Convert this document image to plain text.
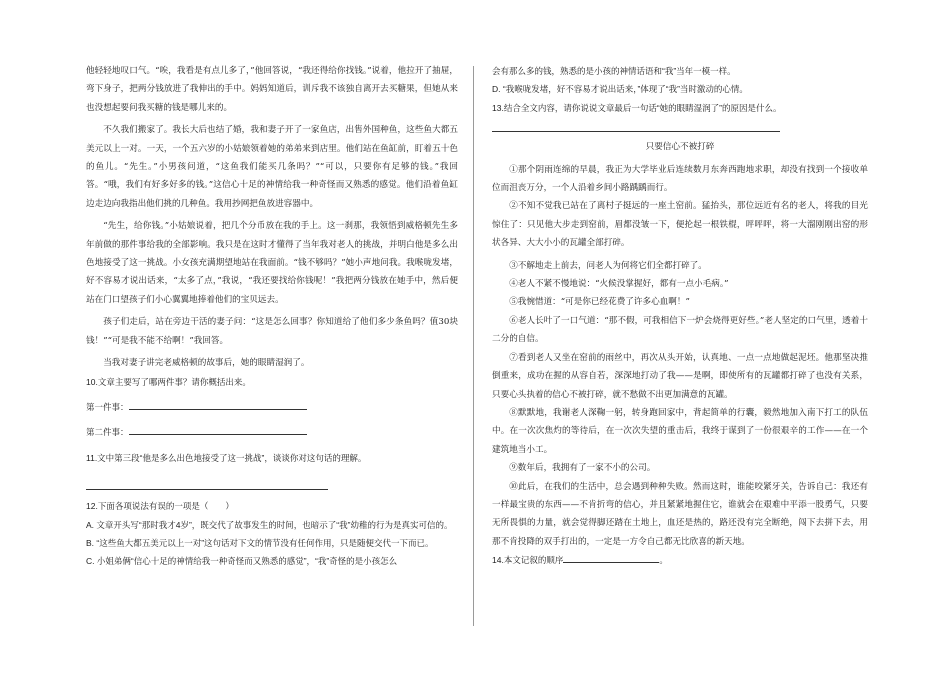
他轻轻地叹口气。“唉，我看是有点儿多了，”他回答说，“我还得给你找钱。”说着，他拉开了抽屉，弯下身子，把两分钱放进了我伸出的手中。妈妈知道后，训斥我不该独自离开去买糖果，但她从来也没想起要问我买糖的钱是哪儿来的。

不久我们搬家了。我长大后也结了婚，我和妻子开了一家鱼店，出售外国种鱼，这些鱼大都五美元以上一对。一天，一个五六岁的小姑娘领着她的弟弟来到店里。他们站在鱼缸前，盯着五十色的鱼儿。“先生。”小男孩问道，“这鱼我们能买几条吗？”“可以，只要你有足够的钱。”我回答。“哦，我们有好多好多的钱。”这信心十足的神情给我一种奇怪而又熟悉的感觉。他们沿着鱼缸边走边向我指出他们挑的几种鱼。我用抄网把鱼放进容器中。

“先生，给你钱。”小姑娘说着，把几个分币放在我的手上。这一刹那，我领悟到威格顿先生多年前做的那件事给我的全部影响。我只是在这时才懂得了当年我对老人的挑战，并明白他是多么出色地接受了这一挑战。小女孩充满期望地站在我面前。“钱不够吗？”她小声地问我。我喉咙发堵，好不容易才说出话来，“太多了点，”我说，“我还要找给你钱呢！”我把两分钱放在她手中，然后便站在门口望孩子们小心翼翼地捧着他们的宝贝远去。

孩子们走后，站在旁边干活的妻子问：“这是怎么回事？你知道给了他们多少条鱼吗？值30块钱！”“可是我不能不给啊！”我回答。

当我对妻子讲完老威格顿的故事后，她的眼睛湿润了。

10.文章主要写了哪两件事？请你概括出来。

第一件事：

第二件事：

11.文中第三段“他是多么出色地接受了这一挑战”，谈谈你对这句话的理解。

12.下面各项说法有误的一项是（　　）

A. 文章开头写“那时我才4岁”，既交代了故事发生的时间，也暗示了“我”幼稚的行为是真实可信的。

B. “这些鱼大都五美元以上一对”这句话对下文的情节没有任何作用，只是随便交代一下而已。

C. 小姐弟俩“信心十足的神情给我一种奇怪而又熟悉的感觉”，“我”奇怪的是小孩怎么

会有那么多的钱，熟悉的是小孩的神情话语和“我”当年一模一样。

D. “我喉咙发堵，好不容易才说出话来，”体现了“我”当时激动的心情。

13.结合全文内容，请你说说文章最后一句话“她的眼睛湿润了”的原因是什么。

只要信心不被打碎

①那个阴雨连绵的早晨，我正为大学毕业后连续数月东奔西跑地求职，却没有找到一个接收单位而沮丧万分，一个人沿着乡间小路踽踽而行。

②不知不觉我已站在了离村子挺远的一座土窑前。猛抬头，那位远近有名的老人，将我的目光惊住了：只见他大步走到窑前，眉都没皱一下，便抡起一根铁棍，呯呯呯，将一大溜刚刚出窑的形状各异、大大小小的瓦罐全部打碎。

③不解地走上前去，问老人为何将它们全都打碎了。

④老人不紧不慢地说：“火候没掌握好，都有一点小毛病。”

⑤我惋惜道：“可是你已经花费了许多心血啊！”

⑥老人长叶了一口气道：“那不假，可我相信下一炉会烧得更好些。”老人坚定的口气里，透着十二分的自信。

⑦看到老人又坐在窑前的雨丝中，再次从头开始，认真地、一点一点地做起泥坯。他那坚决推倒重来，成功在握的从容自若，深深地打动了我——是啊，即使所有的瓦罐都打碎了也没有关系，只要心头执着的信心不被打碎，就不愁做不出更加满意的瓦罐。

⑧默默地，我谢老人深鞠一躬，转身跑回家中，背起简单的行囊，毅然地加入南下打工的队伍中。在一次次焦灼的等待后，在一次次失望的重击后，我终于谋到了一份很艰辛的工作——在一个建筑地当小工。

⑨数年后，我拥有了一家不小的公司。

⑩此后，在我们的生活中，总会遇到种种失败。然而这时，谁能咬紧牙关，告诉自己：我还有一样最宝贵的东西——不肯折弯的信心，并且紧紧地握住它，谁就会在艰难中平添一股勇气，只要无所畏惧的力量，就会觉得脚还踏在土地上，血还是热的，路还没有完全断绝，闯下去拼下去，用那不肯投降的双手打出的，一定是一方令自己都无比欣喜的新天地。

14.本文记叙的顺序	。
